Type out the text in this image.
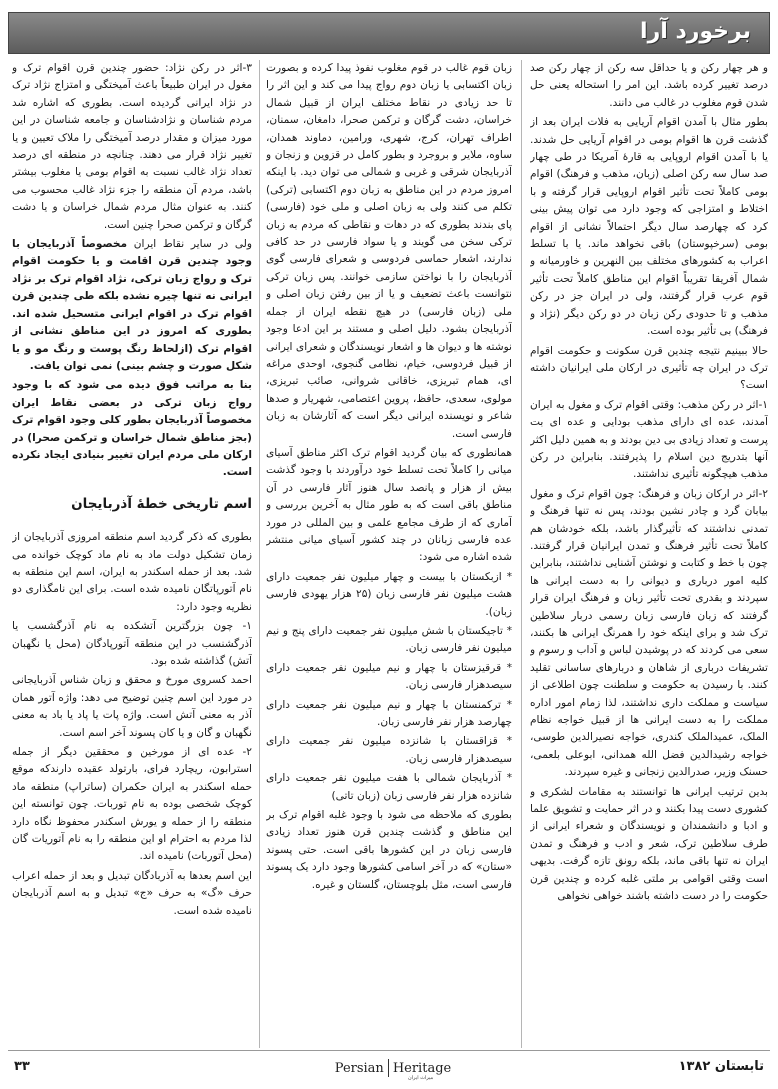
برخورد آرا

و هر چهار رکن و یا حداقل سه رکن از چهار رکن صد درصد تغییر کرده باشد. این امر را استحاله یعنی حل شدن قوم مغلوب در غالب می دانند.

بطور مثال با آمدن اقوام آریایی به فلات ایران بعد از گذشت قرن ها اقوام بومی در اقوام آریایی حل شدند. یا با آمدن اقوام اروپایی به قارهٔ آمریکا در طی چهار صد سال سه رکن اصلی (زبان، مذهب و فرهنگ) اقوام بومی کاملاً تحت تأثیر اقوام اروپایی قرار گرفته و با اختلاط و امتزاجی که وجود دارد می توان پیش بینی کرد که چهارصد سال دیگر احتمالاً نشانی از اقوام بومی (سرخپوستان) باقی نخواهد ماند. یا با تسلط اعراب به کشورهای مختلف بین النهرین و خاورمیانه و شمال آفریقا تقریباً اقوام این مناطق کاملاً تحت تأثیر قوم عرب قرار گرفتند، ولی در ایران جز در رکن مذهب و تا حدودی رکن زبان در دو رکن دیگر (نژاد و فرهنگ) بی تأثیر بوده است.

حالا ببینیم نتیجه چندین قرن سکونت و حکومت اقوام ترک در ایران چه تأثیری در ارکان ملی ایرانیان داشته است؟

۱-اثر در رکن مذهب: وقتی اقوام ترک و مغول به ایران آمدند، عده ای دارای مذهب بودایی و عده ای بت پرست و تعداد زیادی بی دین بودند و به همین دلیل اکثر آنها بتدریج دین اسلام را پذیرفتند. بنابراین در رکن مذهب هیچگونه تأثیری نداشتند.

۲-اثر در ارکان زبان و فرهنگ: چون اقوام ترک و مغول بیابان گرد و چادر نشین بودند، پس نه تنها فرهنگ و تمدنی نداشتند که تأثیرگذار باشد، بلکه خودشان هم کاملاً تحت تأثیر فرهنگ و تمدن ایرانیان قرار گرفتند. چون با خط و کتابت و نوشتن آشنایی نداشتند، بنابراین کلیه امور درباری و دیوانی را به دست ایرانی ها سپردند و بقدری تحت تأثیر زبان و فرهنگ ایران قرار گرفتند که زبان فارسی زبان رسمی دربار سلاطین ترک شد و برای اینکه خود را همرنگ ایرانی ها بکنند، سعی می کردند که در پوشیدن لباس و آداب و رسوم و تشریفات درباری از شاهان و دربارهای ساسانی تقلید کنند. با رسیدن به حکومت و سلطنت چون اطلاعی از سیاست و مملکت داری نداشتند، لذا زمام امور اداره مملکت را به دست ایرانی ها از قبیل خواجه نظام الملک، عمیدالملک کندری، خواجه نصیرالدین طوسی، خواجه رشیدالدین فضل الله همدانی، ابوعلی بلعمی، حسنک وزیر، صدرالدین زنجانی و غیره سپردند.

بدین ترتیب ایرانی ها توانستند به مقامات لشکری و کشوری دست پیدا بکنند و در اثر حمایت و تشویق علما و ادبا و دانشمندان و نویسندگان و شعراء ایرانی از طرف سلاطین ترک، شعر و ادب و فرهنگ و تمدن ایران نه تنها باقی ماند، بلکه رونق تازه گرفت. بدیهی است وقتی اقوامی بر ملتی غلبه کرده و چندین قرن حکومت را در دست داشته باشند خواهی نخواهی

زبان قوم غالب در قوم مغلوب نفوذ پیدا کرده و بصورت زبان اکتسابی یا زبان دوم رواج پیدا می کند و این اثر را تا حد زیادی در نقاط مختلف ایران از قبیل شمال خراسان، دشت گرگان و ترکمن صحرا، دامغان، سمنان، اطراف تهران، کرج، شهری، ورامین، دماوند همدان، ساوه، ملایر و بروجرد و بطور کامل در قزوین و زنجان و آذربایجان شرقی و غربی و شمالی می توان دید. با اینکه امروز مردم در این مناطق به زبان دوم اکتسابی (ترکی) تکلم می کنند ولی به زبان اصلی و ملی خود (فارسی) پای بندند بطوری که در دهات و نقاطی که مردم به زبان ترکی سخن می گویند و یا سواد فارسی در حد کافی ندارند، اشعار حماسی فردوسی و شعرای فارسی گوی آذربایجان را با نواختن سازمی خوانند. پس زبان ترکی نتوانست باعث تضعیف و یا از بین رفتن زبان اصلی و ملی (زبان فارسی) در هیچ نقطه ایران از جمله آذربایجان بشود. دلیل اصلی و مستند بر این ادعا وجود نوشته ها و دیوان ها و اشعار نویسندگان و شعرای ایرانی از قبیل فردوسی، خیام، نظامی گنجوی، اوحدی مراغه ای، همام تبریزی، خاقانی شروانی، صائب تبریزی، مولوی، سعدی، حافظ، پروین اعتصامی، شهریار و صدها شاعر و نویسنده ایرانی دیگر است که آثارشان به زبان فارسی است.

همانطوری که بیان گردید اقوام ترک اکثر مناطق آسیای میانی را کاملاً تحت تسلط خود درآوردند با وجود گذشت بیش از هزار و پانصد سال هنوز آثار فارسی در آن مناطق باقی است که به طور مثال به آخرین بررسی و آماری که از طرف مجامع علمی و بین المللی در مورد عده فارسی زبانان در چند کشور آسیای میانی منتشر شده اشاره می شود:

* ازبکستان با بیست و چهار میلیون نفر جمعیت دارای هشت میلیون نفر فارسی زبان (۲۵ هزار یهودی فارسی زبان).

* تاجیکستان با شش میلیون نفر جمعیت دارای پنج و نیم میلیون نفر فارسی زبان.

* قرقیزستان با چهار و نیم میلیون نفر جمعیت دارای سیصدهزار فارسی زبان.

* ترکمنستان با چهار و نیم میلیون نفر جمعیت دارای چهارصد هزار نفر فارسی زبان.

* قزاقستان با شانزده میلیون نفر جمعیت دارای سیصدهزار فارسی زبان.

* آذربایجان شمالی با هفت میلیون نفر جمعیت دارای شانزده هزار نفر فارسی زبان (زبان تاتی)

بطوری که ملاحظه می شود با وجود غلبه اقوام ترک بر این مناطق و گذشت چندین قرن هنوز تعداد زیادی فارسی زبان در این کشورها باقی است. حتی پسوند «ستان» که در آخر اسامی کشورها وجود دارد یک پسوند فارسی است، مثل بلوچستان، گلستان و غیره.

۳-اثر در رکن نژاد: حضور چندین قرن اقوام ترک و مغول در ایران طبیعاً باعث آمیختگی و امتزاج نژاد ترک در نژاد ایرانی گردیده است. بطوری که اشاره شد مردم شناسان و نژادشناسان و جامعه شناسان در این مورد میزان و مقدار درصد آمیختگی را ملاک تعیین و یا تغییر نژاد قرار می دهند. چنانچه در منطقه ای درصد تعداد نژاد غالب نسبت به اقوام بومی یا مغلوب بیشتر باشد، مردم آن منطقه را جزء نژاد غالب محسوب می کنند. به عنوان مثال مردم شمال خراسان و یا دشت گرگان و ترکمن صحرا چنین است.

ولی در سایر نقاط ایران مخصوصاً آذربایجان با وجود چندین قرن اقامت و یا حکومت اقوام ترک و رواج زبان ترکی، نژاد اقوام ترک بر نژاد ایرانی نه تنها چیره نشده بلکه طی چندین قرن اقوام ترک در اقوام ایرانی متسحیل شده اند. بطوری که امروز در این مناطق نشانی از اقوام ترک (ازلحاظ رنگ پوست و رنگ مو و یا شکل صورت و چشم بینی) نمی توان یافت.

بنا به مراتب فوق دیده می شود که با وجود رواج زبان ترکی در بعضی نقاط ایران مخصوصاً آذربایجان بطور کلی وجود اقوام ترک (بجز مناطق شمال خراسان و ترکمن صحرا) در ارکان ملی مردم ایران تغییر بنیادی ایجاد نکرده است.

اسم تاریخی خطهٔ آذربایجان

بطوری که ذکر گردید اسم منطقه امروزی آذربایجان از زمان تشکیل دولت ماد به نام ماد کوچک خوانده می شد. بعد از حمله اسکندر به ایران، اسم این منطقه به نام آتورپاتگان نامیده شده است. برای این نامگذاری دو نظریه وجود دارد:

۱- چون بزرگترین آتشکده به نام آذرگشسب یا آذرگشنسب در این منطقه آتورپادگان (محل یا نگهبان آتش) گذاشته شده بود.

احمد کسروی مورخ و محقق و زبان شناس آذربایجانی در مورد این اسم چنین توضیح می دهد: واژه آتور همان آذر به معنی آتش است. واژه پات یا پاد یا باد به معنی نگهبان و گان و یا کان پسوند آخر اسم است.

۲- عده ای از مورخین و محققین دیگر از جمله استرابون، ریچارد فرای، بارتولد عقیده دارندکه موقع حمله اسکندر به ایران حکمران (ساتراپ) منطقه ماد کوچک شخصی بوده به نام توربات. چون توانسته این منطقه را از حمله و یورش اسکندر محفوظ نگاه دارد لذا مردم به احترام او این منطقه را به نام آتوریات گان (محل آتوربات) نامیده اند.

این اسم بعدها به آذربادگان تبدیل و بعد از حمله اعراب حرف «گ» به حرف «ج» تبدیل و به اسم آذربایجان نامیده شده است.

۳۳	Persian Heritage
میراث ایران
تابستان ۱۳۸۲
